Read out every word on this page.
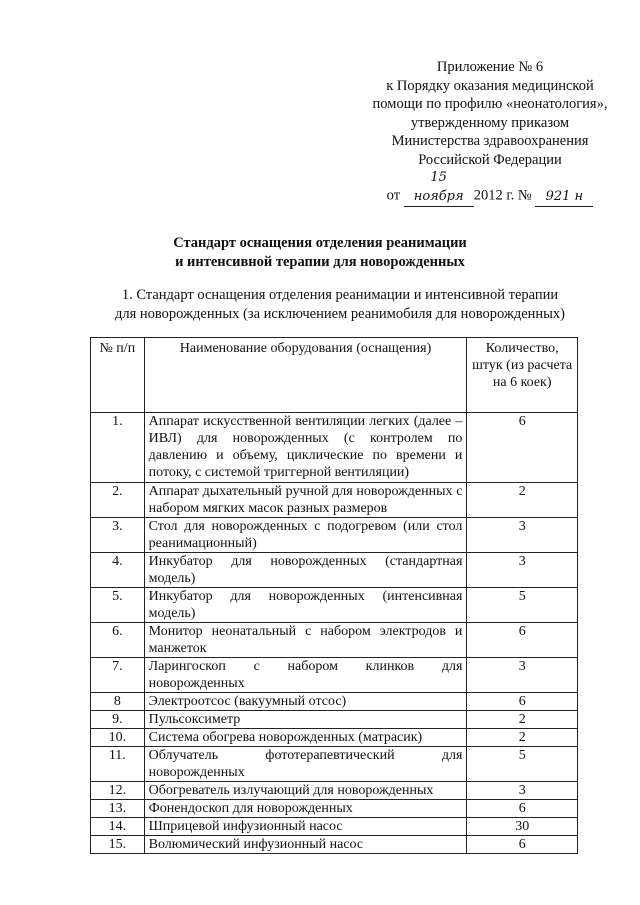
Приложение № 6
к Порядку оказания медицинской
помощи по профилю «неонатология»,
утвержденному приказом
Министерства здравоохранения
Российской Федерации
от 15 ноября 2012 г. № 921 н
Стандарт оснащения отделения реанимации
и интенсивной терапии для новорожденных
1. Стандарт оснащения отделения реанимации и интенсивной терапии
для новорожденных (за исключением реанимобиля для новорожденных)
№ п/п	Наименование оборудования (оснащения)	Количество, штук (из расчета на 6 коек)
1.	Аппарат искусственной вентиляции легких (далее – ИВЛ) для новорожденных (с контролем по давлению и объему, циклические по времени и потоку, с системой триггерной вентиляции)	6
2.	Аппарат дыхательный ручной для новорожденных с набором мягких масок разных размеров	2
3.	Стол для новорожденных с подогревом (или стол реанимационный)	3
4.	Инкубатор для новорожденных (стандартная модель)	3
5.	Инкубатор для новорожденных (интенсивная модель)	5
6.	Монитор неонатальный с набором электродов и манжеток	6
7.	Ларингоскоп с набором клинков для новорожденных	3
8	Электроотсос (вакуумный отсос)	6
9.	Пульсоксиметр	2
10.	Система обогрева новорожденных (матрасик)	2
11.	Облучатель фототерапевтический для новорожденных	5
12.	Обогреватель излучающий для новорожденных	3
13.	Фонендоскоп для новорожденных	6
14.	Шприцевой инфузионный насос	30
15.	Волюмический инфузионный насос	6
